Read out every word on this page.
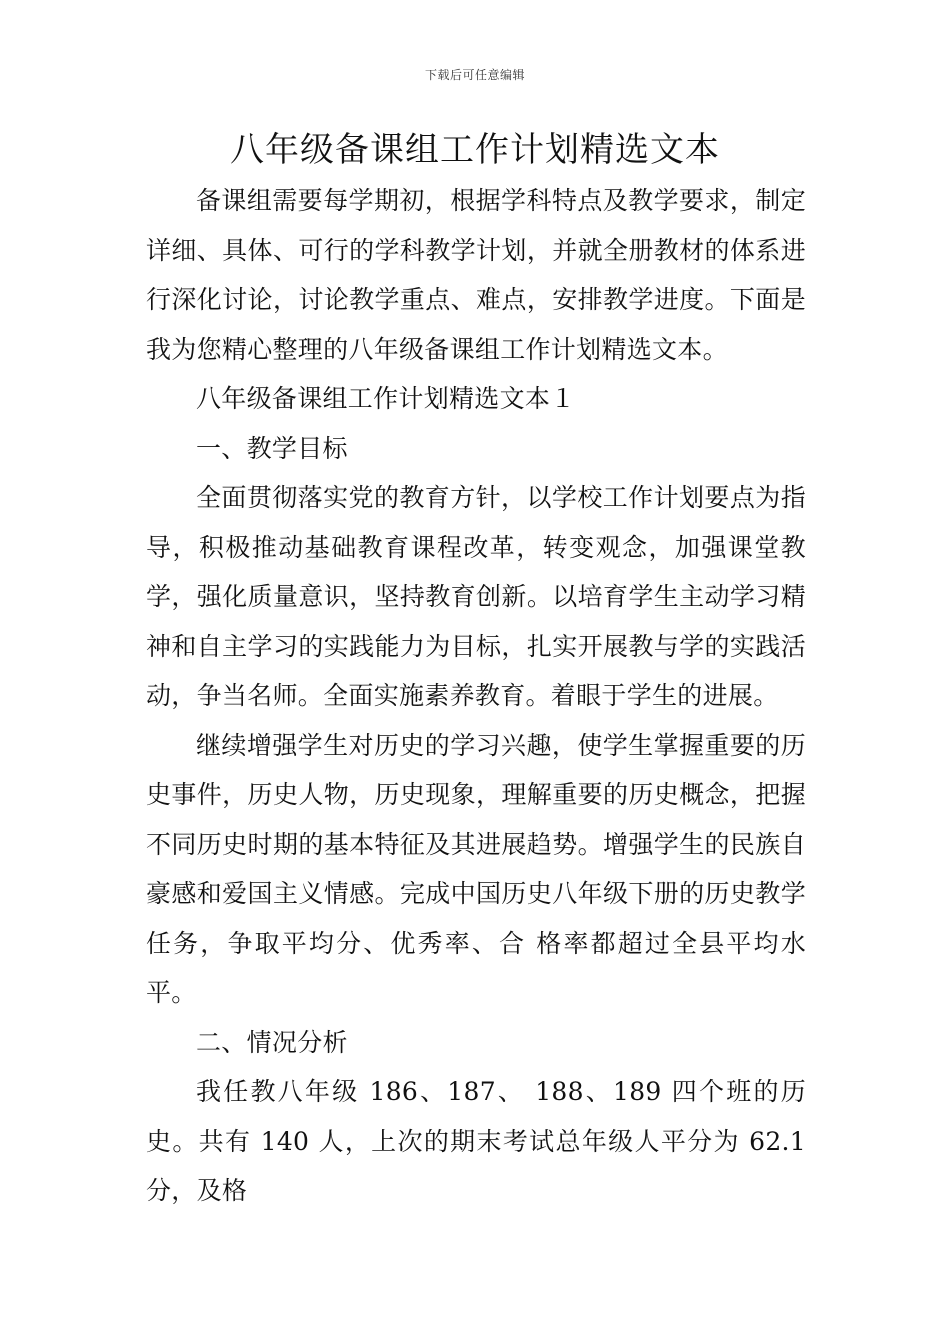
下载后可任意编辑
八年级备课组工作计划精选文本

备课组需要每学期初，根据学科特点及教学要求，制定详细、具体、可行的学科教学计划，并就全册教材的体系进行深化讨论，讨论教学重点、难点，安排教学进度。下面是我为您精心整理的八年级备课组工作计划精选文本。

八年级备课组工作计划精选文本１

一、教学目标

全面贯彻落实党的教育方针，以学校工作计划要点为指导，积极推动基础教育课程改革，转变观念，加强课堂教学，强化质量意识，坚持教育创新。以培育学生主动学习精神和自主学习的实践能力为目标，扎实开展教与学的实践活动，争当名师。全面实施素养教育。着眼于学生的进展。

继续增强学生对历史的学习兴趣，使学生掌握重要的历史事件，历史人物，历史现象，理解重要的历史概念，把握不同历史时期的基本特征及其进展趋势。增强学生的民族自豪感和爱国主义情感。完成中国历史八年级下册的历史教学任务，争取平均分、优秀率、合 格率都超过全县平均水平。

二、情况分析

我任教八年级 186、187、 188、189 四个班的历史。共有 140 人，上次的期末考试总年级人平分为 62.1 分，及格
